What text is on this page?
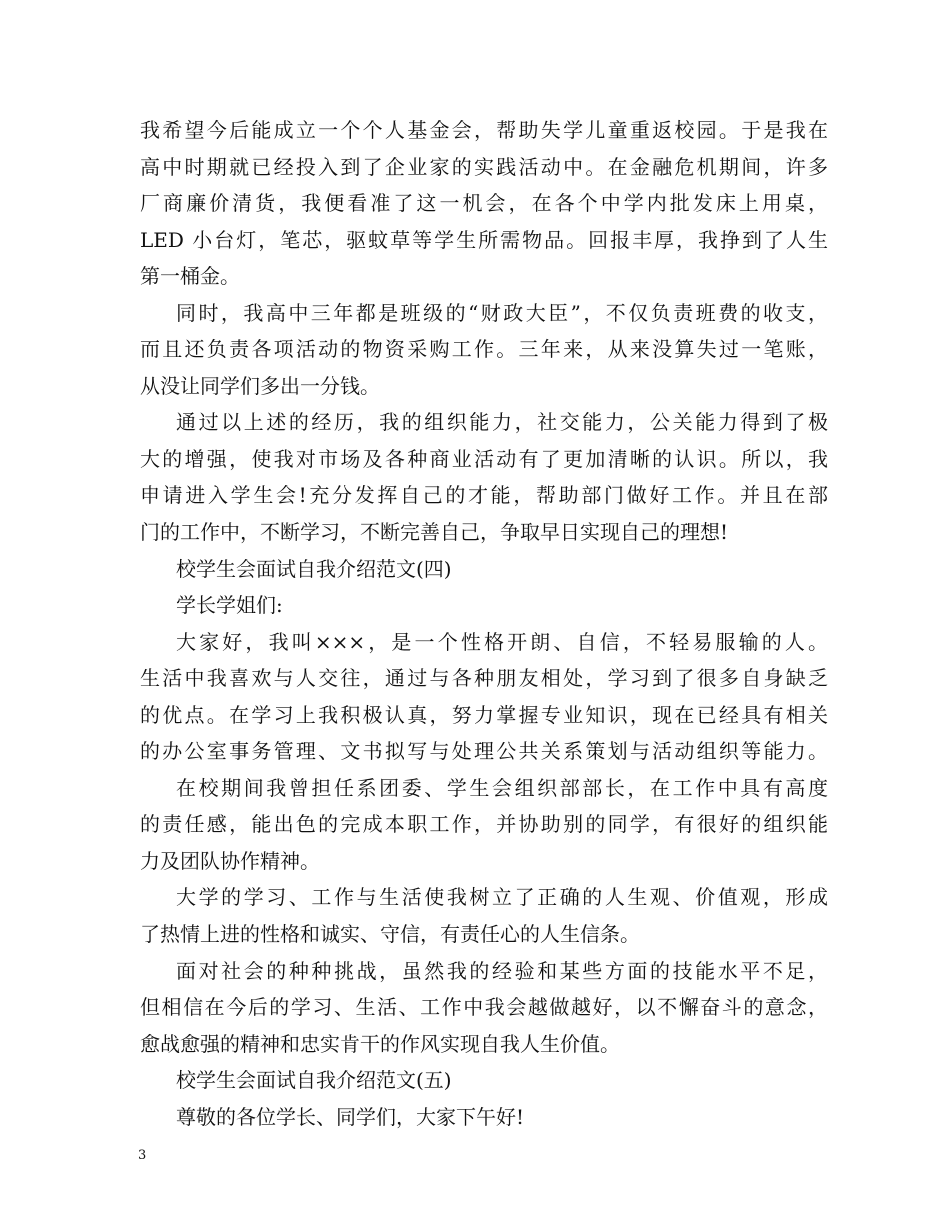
我希望今后能成立一个个人基金会，帮助失学儿童重返校园。于是我在
高中时期就已经投入到了企业家的实践活动中。在金融危机期间，许多
厂商廉价清货，我便看准了这一机会，在各个中学内批发床上用桌，
LED 小台灯，笔芯，驱蚊草等学生所需物品。回报丰厚，我挣到了人生
第一桶金。
同时，我高中三年都是班级的“财政大臣”，不仅负责班费的收支，
而且还负责各项活动的物资采购工作。三年来，从来没算失过一笔账，
从没让同学们多出一分钱。
通过以上述的经历，我的组织能力，社交能力，公关能力得到了极
大的增强，使我对市场及各种商业活动有了更加清晰的认识。所以，我
申请进入学生会!充分发挥自己的才能，帮助部门做好工作。并且在部
门的工作中，不断学习，不断完善自己，争取早日实现自己的理想!
校学生会面试自我介绍范文(四)
学长学姐们:
大家好，我叫×××，是一个性格开朗、自信，不轻易服输的人。
生活中我喜欢与人交往，通过与各种朋友相处，学习到了很多自身缺乏
的优点。在学习上我积极认真，努力掌握专业知识，现在已经具有相关
的办公室事务管理、文书拟写与处理公共关系策划与活动组织等能力。
在校期间我曾担任系团委、学生会组织部部长，在工作中具有高度
的责任感，能出色的完成本职工作，并协助别的同学，有很好的组织能
力及团队协作精神。
大学的学习、工作与生活使我树立了正确的人生观、价值观，形成
了热情上进的性格和诚实、守信，有责任心的人生信条。
面对社会的种种挑战，虽然我的经验和某些方面的技能水平不足，
但相信在今后的学习、生活、工作中我会越做越好，以不懈奋斗的意念，
愈战愈强的精神和忠实肯干的作风实现自我人生价值。
校学生会面试自我介绍范文(五)
尊敬的各位学长、同学们，大家下午好!
3
